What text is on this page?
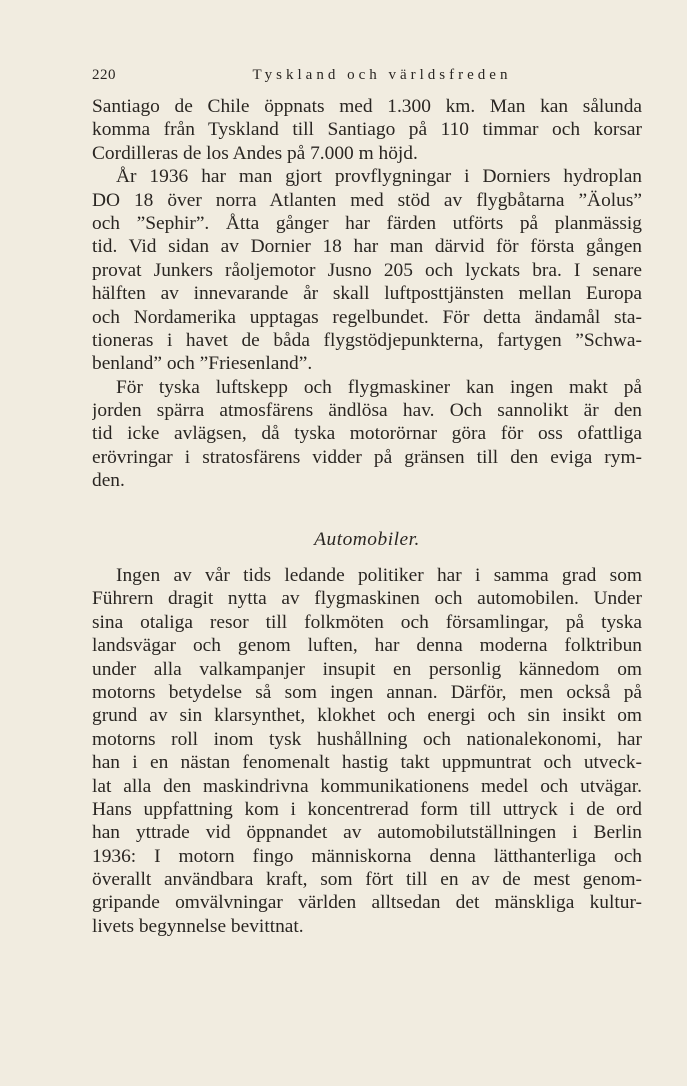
220	Tyskland och världsfreden
Santiago de Chile öppnats med 1.300 km. Man kan sålunda
komma från Tyskland till Santiago på 110 timmar och korsar
Cordilleras de los Andes på 7.000 m höjd.
År 1936 har man gjort provflygningar i Dorniers hydroplan
DO 18 över norra Atlanten med stöd av flygbåtarna ”Äolus”
och ”Sephir”. Åtta gånger har färden utförts på planmässig
tid. Vid sidan av Dornier 18 har man därvid för första gången
provat Junkers råoljemotor Jusno 205 och lyckats bra. I senare
hälften av innevarande år skall luftposttjänsten mellan Europa
och Nordamerika upptagas regelbundet. För detta ändamål sta-
tioneras i havet de båda flygstödjepunkterna, fartygen ”Schwa-
benland” och ”Friesenland”.
För tyska luftskepp och flygmaskiner kan ingen makt på
jorden spärra atmosfärens ändlösa hav. Och sannolikt är den
tid icke avlägsen, då tyska motorörnar göra för oss ofattliga
erövringar i stratosfärens vidder på gränsen till den eviga rym-
den.
Automobiler.
Ingen av vår tids ledande politiker har i samma grad som
Führern dragit nytta av flygmaskinen och automobilen. Under
sina otaliga resor till folkmöten och församlingar, på tyska
landsvägar och genom luften, har denna moderna folktribun
under alla valkampanjer insupit en personlig kännedom om
motorns betydelse så som ingen annan. Därför, men också på
grund av sin klarsynthet, klokhet och energi och sin insikt om
motorns roll inom tysk hushållning och nationalekonomi, har
han i en nästan fenomenalt hastig takt uppmuntrat och utveck-
lat alla den maskindrivna kommunikationens medel och utvägar.
Hans uppfattning kom i koncentrerad form till uttryck i de ord
han yttrade vid öppnandet av automobilutställningen i Berlin
1936: I motorn fingo människorna denna lätthanterliga och
överallt användbara kraft, som fört till en av de mest genom-
gripande omvälvningar världen alltsedan det mänskliga kultur-
livets begynnelse bevittnat.
